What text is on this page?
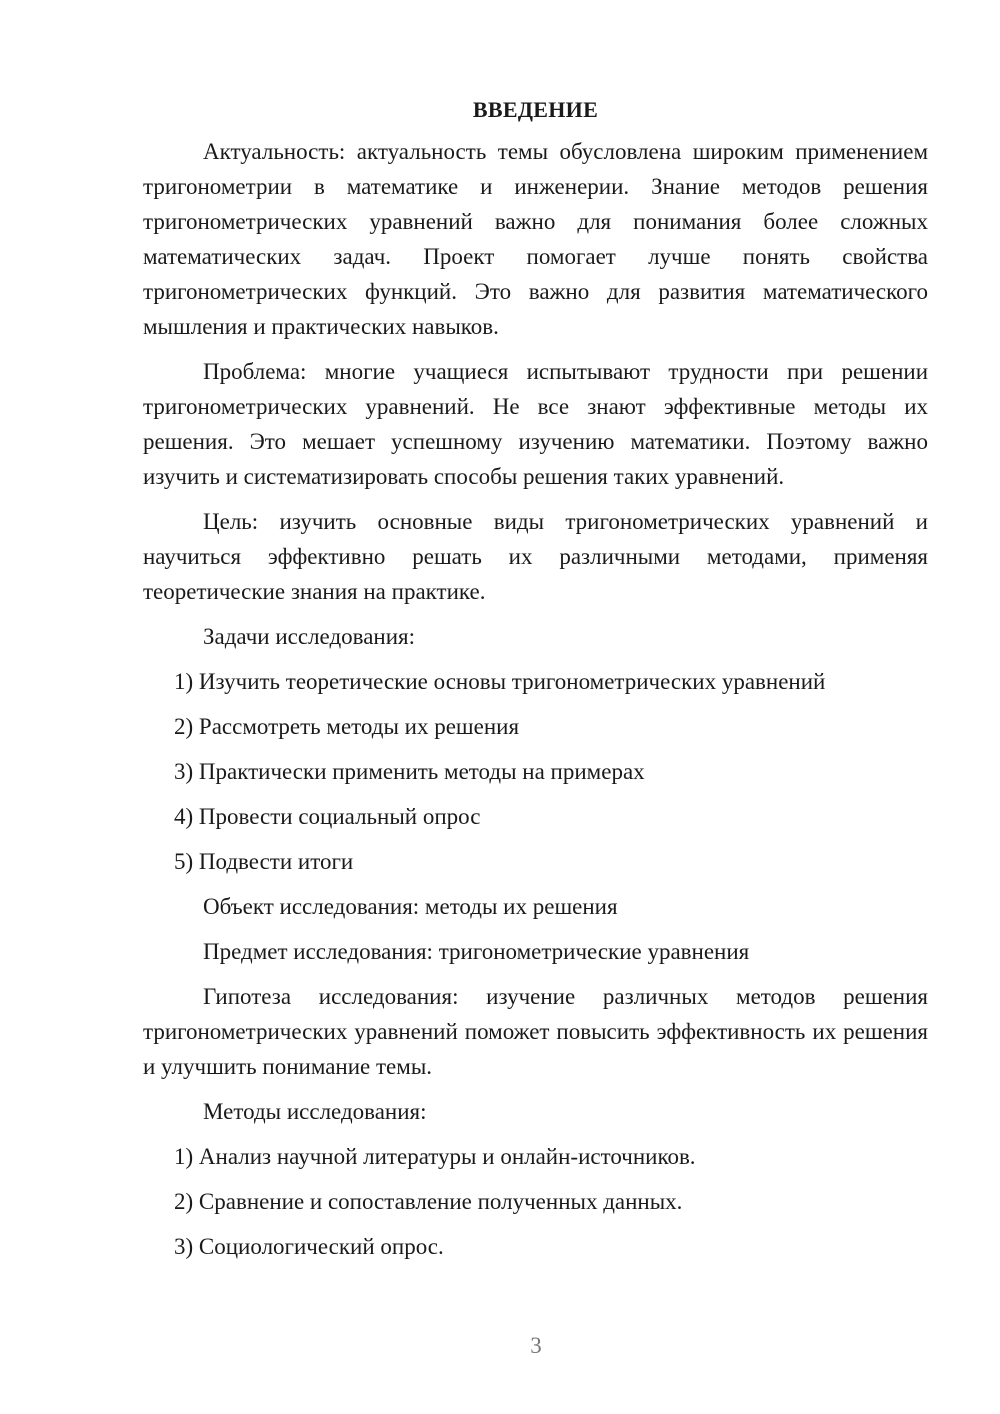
ВВЕДЕНИЕ

Актуальность: актуальность темы обусловлена широким применением тригонометрии в математике и инженерии. Знание методов решения тригонометрических уравнений важно для понимания более сложных математических задач. Проект помогает лучше понять свойства тригонометрических функций. Это важно для развития математического мышления и практических навыков.

Проблема: многие учащиеся испытывают трудности при решении тригонометрических уравнений. Не все знают эффективные методы их решения. Это мешает успешному изучению математики. Поэтому важно изучить и систематизировать способы решения таких уравнений.

Цель: изучить основные виды тригонометрических уравнений и научиться эффективно решать их различными методами, применяя теоретические знания на практике.

Задачи исследования:

1) Изучить теоретические основы тригонометрических уравнений

2) Рассмотреть методы их решения

3) Практически применить методы на примерах

4) Провести социальный опрос

5) Подвести итоги

Объект исследования: методы их решения

Предмет исследования: тригонометрические уравнения

Гипотеза исследования: изучение различных методов решения тригонометрических уравнений поможет повысить эффективность их решения и улучшить понимание темы.

Методы исследования:

1) Анализ научной литературы и онлайн-источников.

2) Сравнение и сопоставление полученных данных.

3) Социологический опрос.

3
